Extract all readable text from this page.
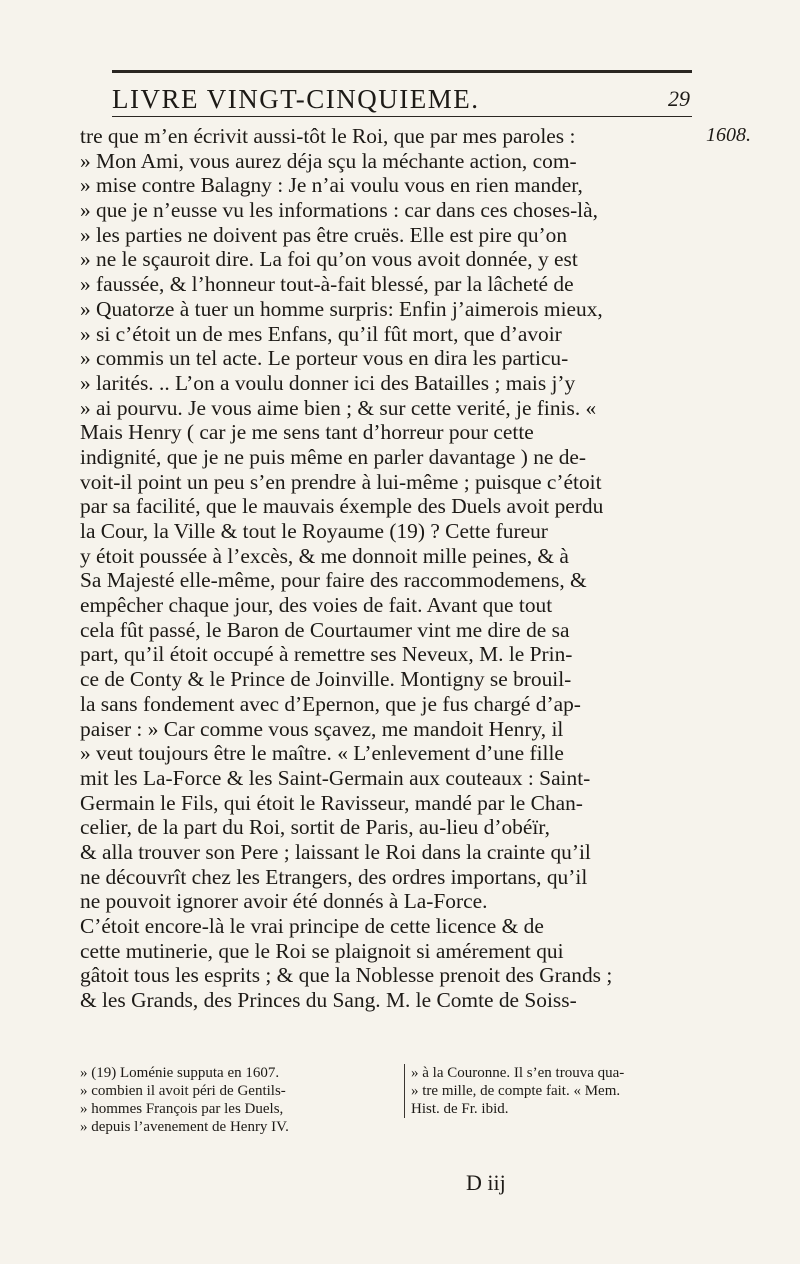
LIVRE VINGT-CINQUIEME.	29
1608.
tre que m’en écrivit aussi-tôt le Roi, que par mes paroles :
» Mon Ami, vous aurez déja sçu la méchante action, com-
» mise contre Balagny : Je n’ai voulu vous en rien mander,
» que je n’eusse vu les informations : car dans ces choses-là,
» les parties ne doivent pas être cruës. Elle est pire qu’on
» ne le sçauroit dire. La foi qu’on vous avoit donnée, y est
» faussée, & l’honneur tout-à-fait blessé, par la lâcheté de
» Quatorze à tuer un homme surpris: Enfin j’aimerois mieux,
» si c’étoit un de mes Enfans, qu’il fût mort, que d’avoir
» commis un tel acte. Le porteur vous en dira les particu-
» larités. .. L’on a voulu donner ici des Batailles ; mais j’y
» ai pourvu. Je vous aime bien ; & sur cette verité, je finis. «
Mais Henry ( car je me sens tant d’horreur pour cette
indignité, que je ne puis même en parler davantage ) ne de-
voit-il point un peu s’en prendre à lui-même ; puisque c’étoit
par sa facilité, que le mauvais éxemple des Duels avoit perdu
la Cour, la Ville & tout le Royaume (19) ? Cette fureur
y étoit poussée à l’excès, & me donnoit mille peines, & à
Sa Majesté elle-même, pour faire des raccommodemens, &
empêcher chaque jour, des voies de fait. Avant que tout
cela fût passé, le Baron de Courtaumer vint me dire de sa
part, qu’il étoit occupé à remettre ses Neveux, M. le Prin-
ce de Conty & le Prince de Joinville. Montigny se brouil-
la sans fondement avec d’Epernon, que je fus chargé d’ap-
paiser : » Car comme vous sçavez, me mandoit Henry, il
» veut toujours être le maître. « L’enlevement d’une fille
mit les La-Force & les Saint-Germain aux couteaux : Saint-
Germain le Fils, qui étoit le Ravisseur, mandé par le Chan-
celier, de la part du Roi, sortit de Paris, au-lieu d’obéïr,
& alla trouver son Pere ; laissant le Roi dans la crainte qu’il
ne découvrît chez les Etrangers, des ordres importans, qu’il
ne pouvoit ignorer avoir été donnés à La-Force.
C’étoit encore-là le vrai principe de cette licence & de
cette mutinerie, que le Roi se plaignoit si amérement qui
gâtoit tous les esprits ; & que la Noblesse prenoit des Grands ;
& les Grands, des Princes du Sang. M. le Comte de Soiss-
» (19) Loménie supputa en 1607.
» combien il avoit péri de Gentils-
» hommes François par les Duels,
» depuis l’avenement de Henry IV.
» à la Couronne. Il s’en trouva qua-
» tre mille, de compte fait. « Mem.
Hist. de Fr. ibid.
D iij
